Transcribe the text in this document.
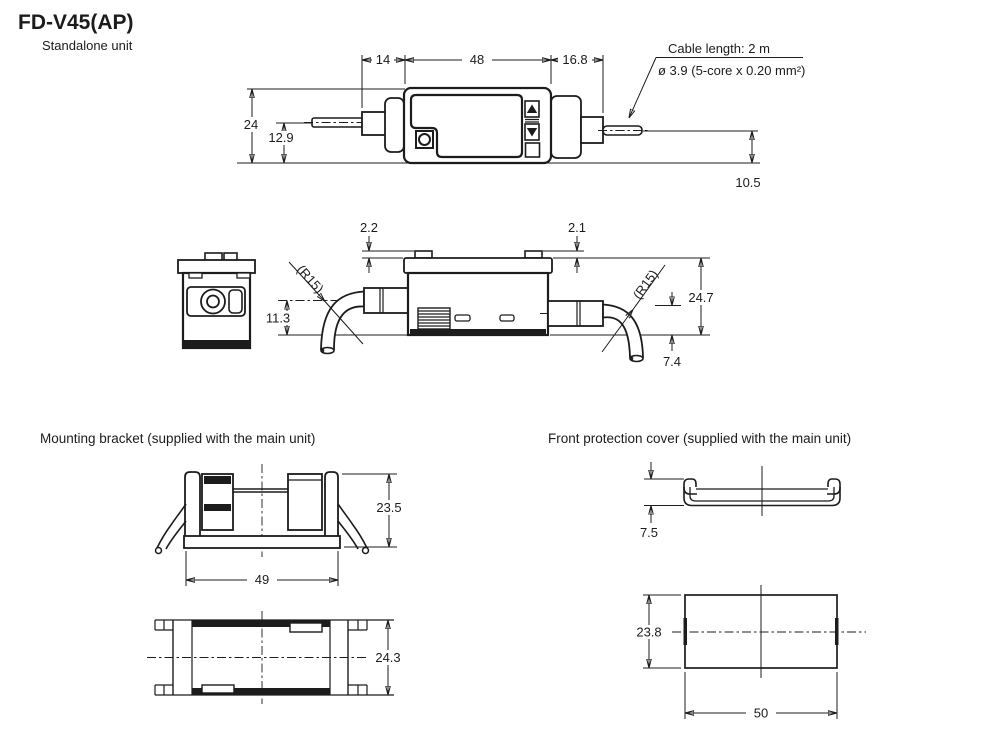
FD-V45(AP)
Standalone unit
14	48	16.8
24
12.9
10.5
Cable length: 2 m
ø 3.9 (5-core x 0.20 mm²)
2.2	2.1
11.3
24.7
7.4
(R15)	(R15)
Mounting bracket (supplied with the main unit)
23.5
49
24.3
Front protection cover (supplied with the main unit)
7.5
23.8
50
